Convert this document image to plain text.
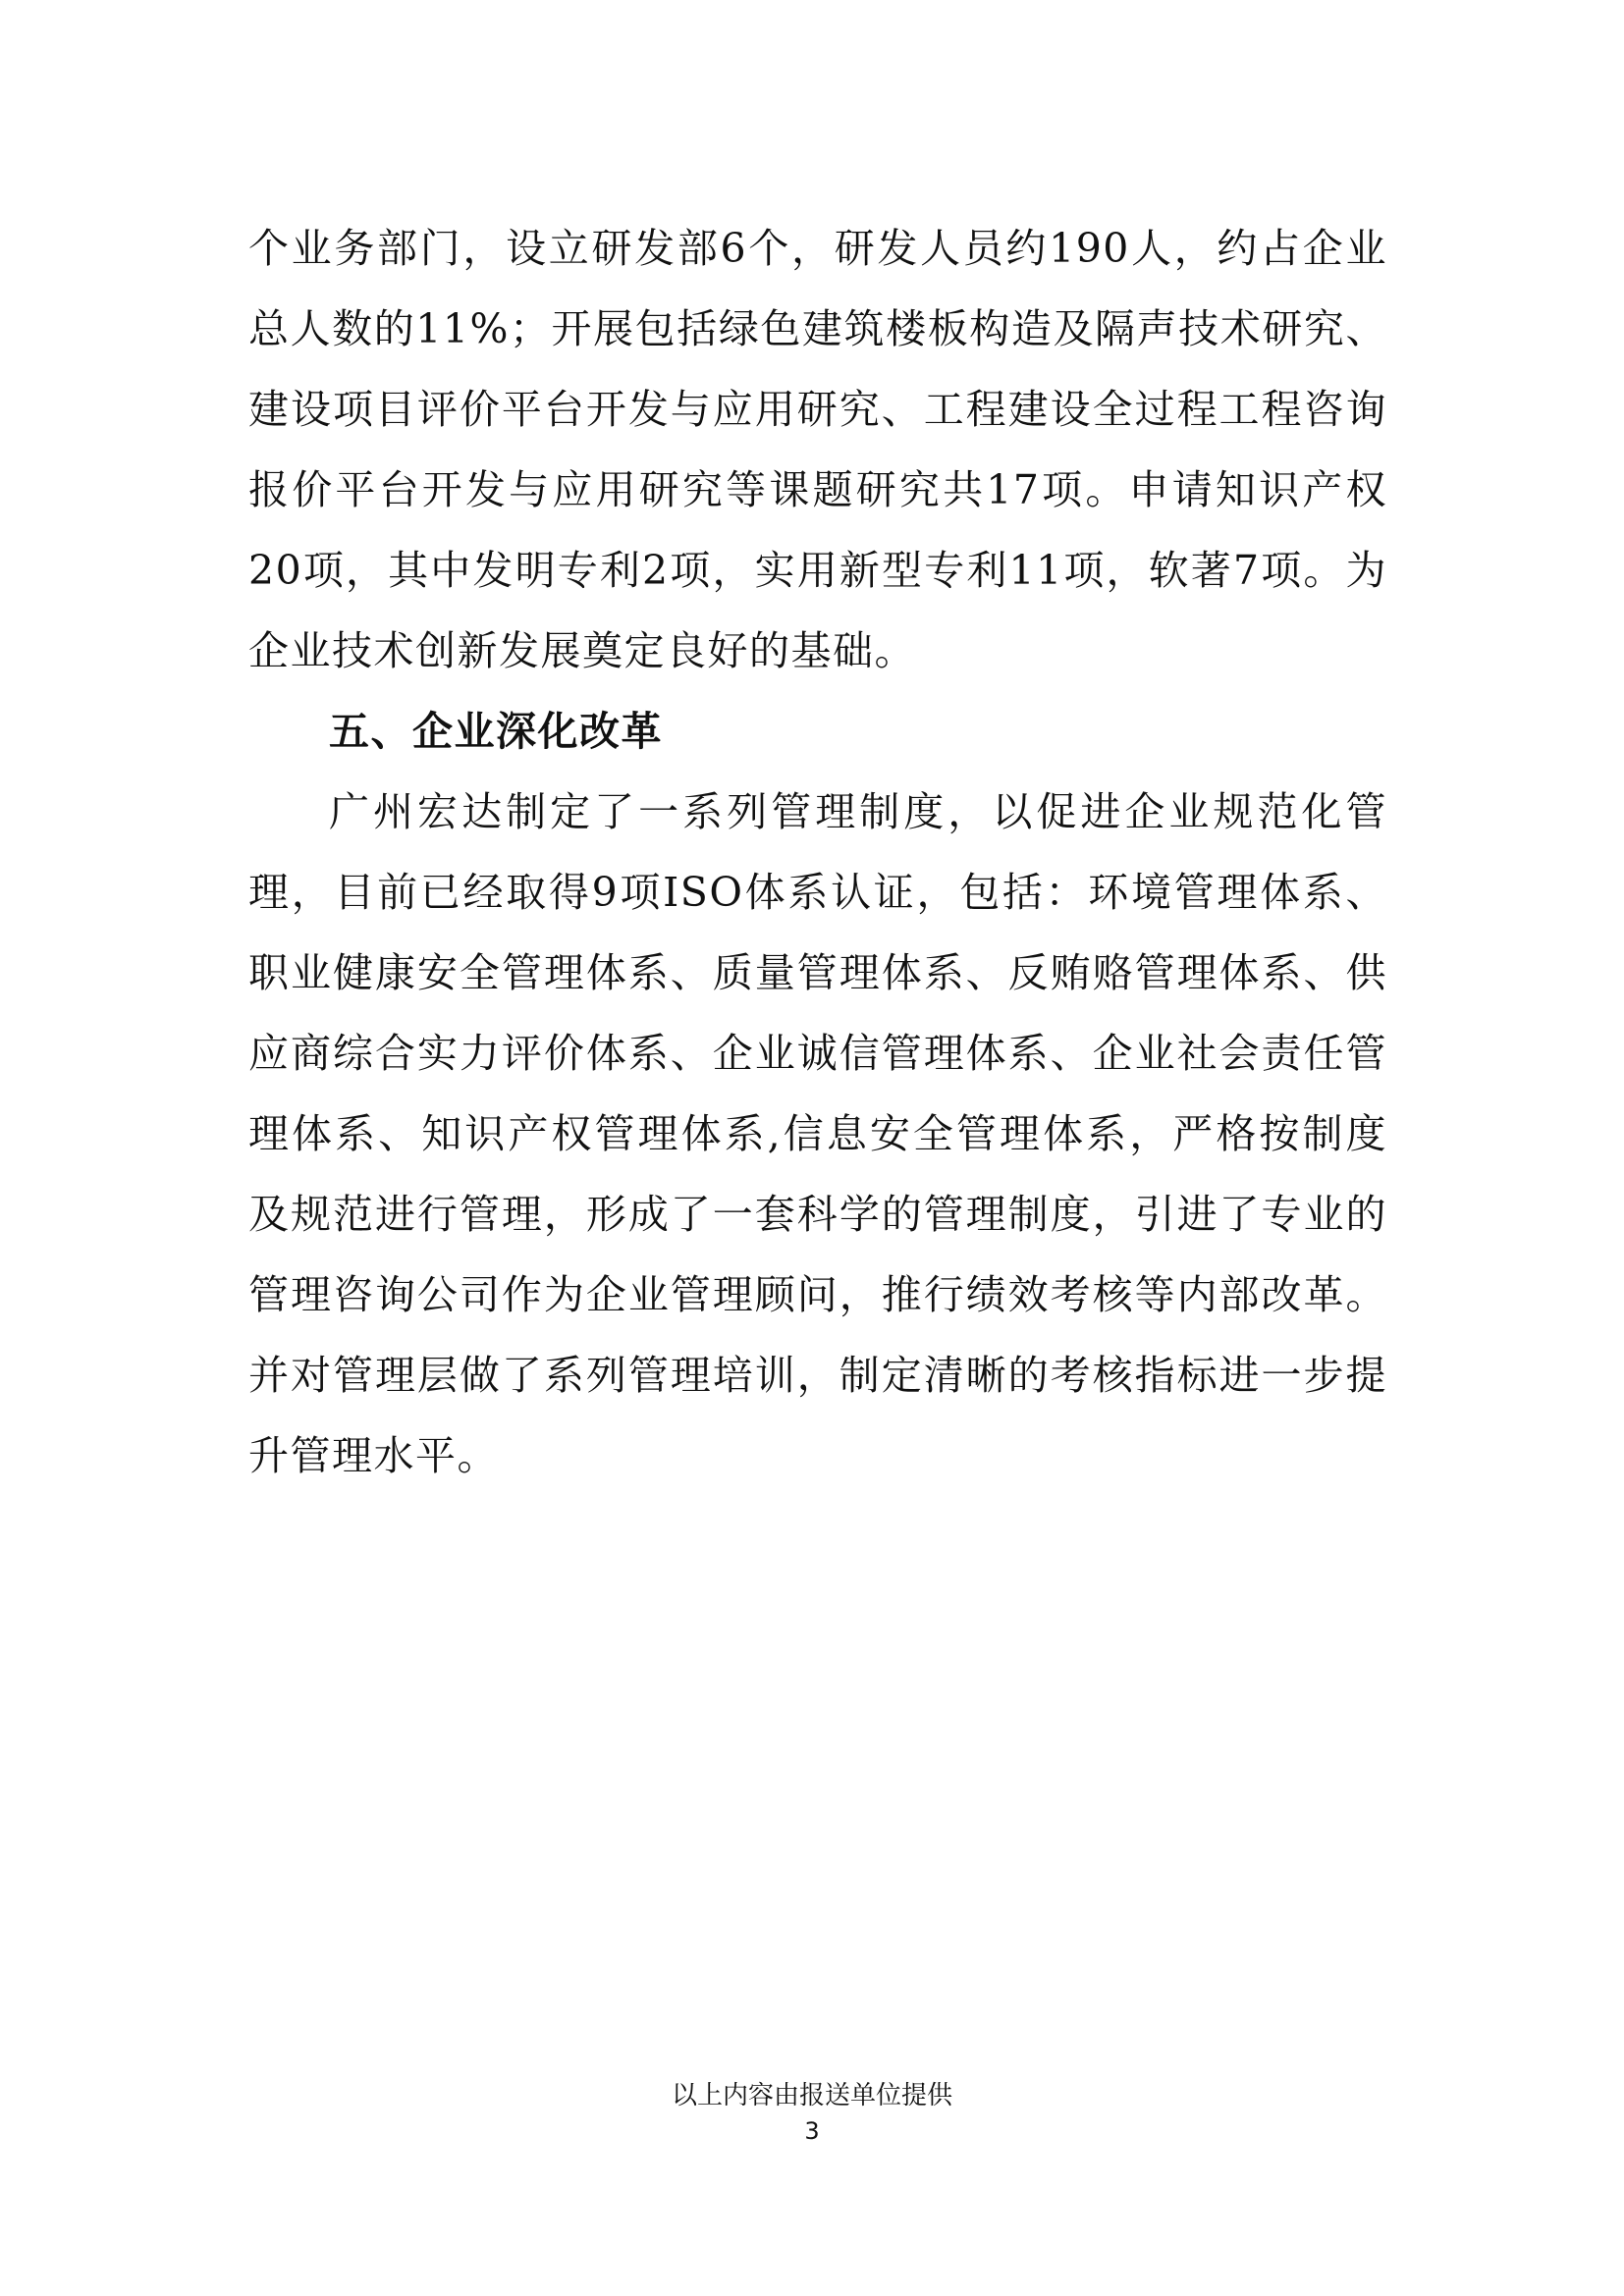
个业务部门，设立研发部6个，研发人员约190人，约占企业总人数的11%；开展包括绿色建筑楼板构造及隔声技术研究、建设项目评价平台开发与应用研究、工程建设全过程工程咨询报价平台开发与应用研究等课题研究共17项。申请知识产权20项，其中发明专利2项，实用新型专利11项，软著7项。为企业技术创新发展奠定良好的基础。

五、企业深化改革

广州宏达制定了一系列管理制度，以促进企业规范化管理，目前已经取得9项ISO体系认证，包括：环境管理体系、职业健康安全管理体系、质量管理体系、反贿赂管理体系、供应商综合实力评价体系、企业诚信管理体系、企业社会责任管理体系、知识产权管理体系,信息安全管理体系，严格按制度及规范进行管理，形成了一套科学的管理制度，引进了专业的管理咨询公司作为企业管理顾问，推行绩效考核等内部改革。并对管理层做了系列管理培训，制定清晰的考核指标进一步提升管理水平。

以上内容由报送单位提供
3
